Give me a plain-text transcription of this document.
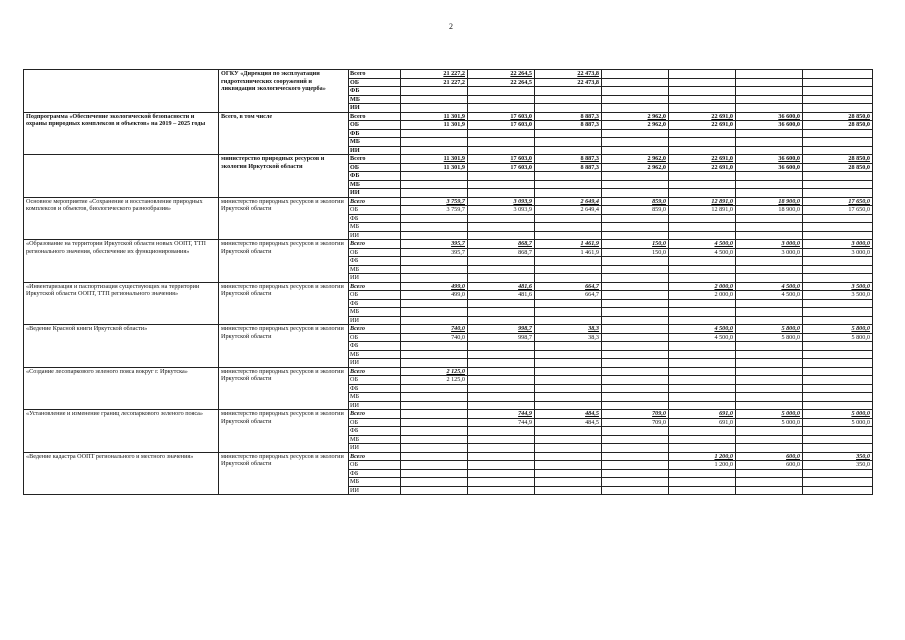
2
	ОГКУ «Дирекция по эксплуатации гидротехнических сооружений и ликвидации экологического ущерба»	Всего	21 227,2	22 264,5	22 473,8				
		ОБ	21 227,2	22 264,5	22 473,8				
		ФБ							
		МБ							
		ИИ							
Подпрограмма «Обеспечение экологической безопасности и охраны природных комплексов и объектов» на 2019 – 2025 годы	Всего, в том числе	Всего	11 301,9	17 603,0	8 887,3	2 962,0	22 691,0	36 600,0	28 850,0
		ОБ	11 301,9	17 603,0	8 887,3	2 962,0	22 691,0	36 600,0	28 850,0
		ФБ							
		МБ							
		ИИ							
	министерство природных ресурсов и экологии Иркутской области	Всего	11 301,9	17 603,0	8 887,3	2 962,0	22 691,0	36 600,0	28 850,0
		ОБ	11 301,9	17 603,0	8 887,3	2 962,0	22 691,0	36 600,0	28 850,0
		ФБ							
		МБ							
		ИИ							
Основное мероприятие «Сохранение и восстановление природных комплексов и объектов, биологического разнообразия»	министерство природных ресурсов и экологии Иркутской области	Всего	3 759,7	3 093,9	2 649,4	859,0	12 891,0	18 900,0	17 650,0
		ОБ	3 759,7	3 093,9	2 649,4	859,0	12 891,0	18 900,0	17 650,0
		ФБ							
		МБ							
		ИИ							
«Образование на территории Иркутской области новых ООПТ, ТТП регионального значения, обеспечение их функционирования»	министерство природных ресурсов и экологии Иркутской области	Всего	395,7	868,7	1 461,9	150,0	4 500,0	3 000,0	3 000,0
		ОБ	395,7	868,7	1 461,9	150,0	4 500,0	3 000,0	3 000,0
		ФБ							
		МБ							
		ИИ							
«Инвентаризация и паспортизация существующих на территории Иркутской области ООПТ, ТТП регионального значения»	министерство природных ресурсов и экологии Иркутской области	Всего	499,0	481,6	664,7		2 000,0	4 500,0	3 500,0
		ОБ	499,0	481,6	664,7		2 000,0	4 500,0	3 500,0
		ФБ							
		МБ							
		ИИ							
«Ведение Красной книги Иркутской области»	министерство природных ресурсов и экологии Иркутской области	Всего	740,0	998,7	38,3		4 500,0	5 800,0	5 800,0
		ОБ	740,0	998,7	38,3		4 500,0	5 800,0	5 800,0
		ФБ							
		МБ							
		ИИ							
«Создание лесопаркового зеленого пояса вокруг г. Иркутска»	министерство природных ресурсов и экологии Иркутской области	Всего	2 125,0						
		ОБ	2 125,0						
		ФБ							
		МБ							
		ИИ							
«Установление и изменение границ лесопаркового зеленого пояса»	министерство природных ресурсов и экологии Иркутской области	Всего		744,9	484,5	709,0	691,0	5 000,0	5 000,0
		ОБ		744,9	484,5	709,0	691,0	5 000,0	5 000,0
		ФБ							
		МБ							
		ИИ							
«Ведение кадастра ООПТ регионального и местного значения»	министерство природных ресурсов и экологии Иркутской области	Всего					1 200,0	600,0	350,0
		ОБ					1 200,0	600,0	350,0
		ФБ							
		МБ							
		ИИ							
